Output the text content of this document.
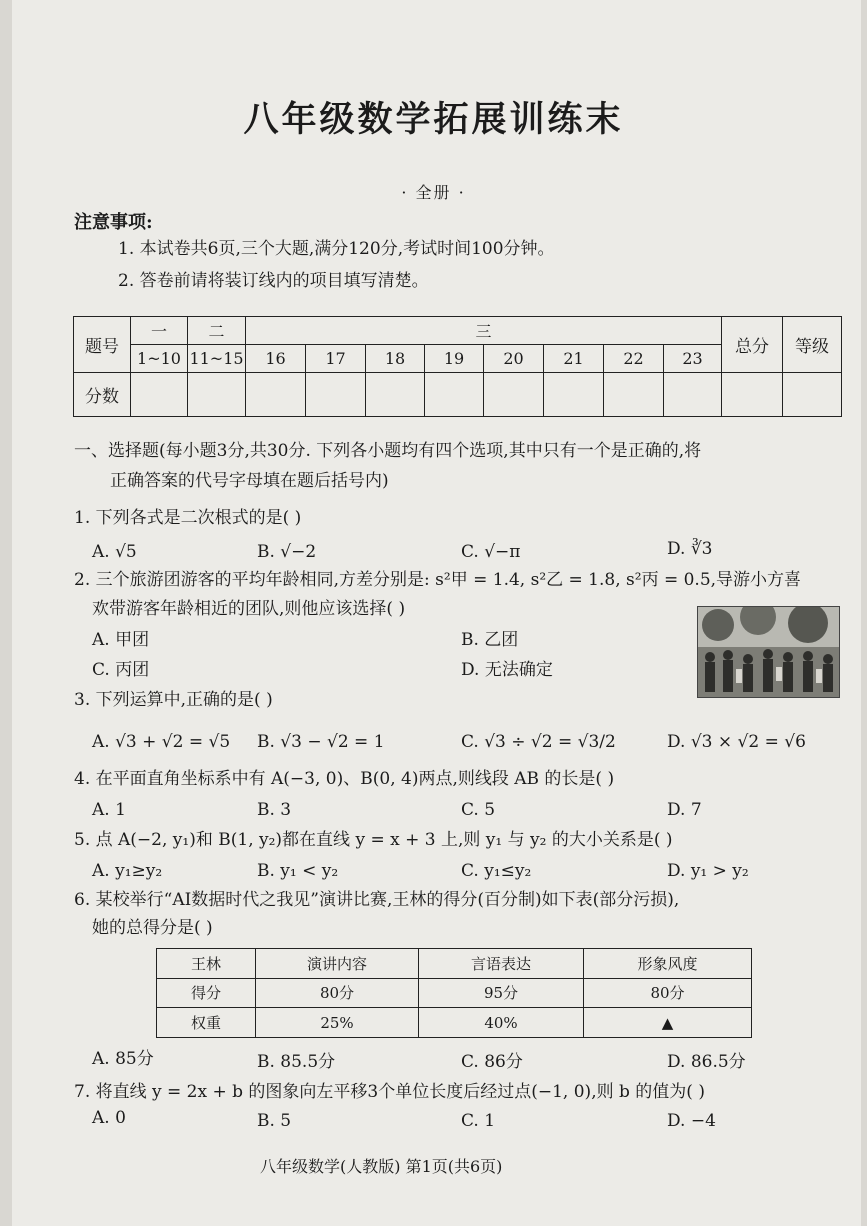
八年级数学拓展训练末
· 全册 ·
注意事项:
1. 本试卷共6页,三个大题,满分120分,考试时间100分钟。
2. 答卷前请将装订线内的项目填写清楚。
题号	一	二	三								总分	等级
	1~10	11~15	16	17	18	19	20	21	22	23		
分数												
一、选择题(每小题3分,共30分. 下列各小题均有四个选项,其中只有一个是正确的,将
正确答案的代号字母填在题后括号内)
1. 下列各式是二次根式的是( )
A. √5	B. √−2	C. √−π	D. ∛3
2. 三个旅游团游客的平均年龄相同,方差分别是: s²甲 = 1.4, s²乙 = 1.8, s²丙 = 0.5,导游小方喜
欢带游客年龄相近的团队,则他应该选择( )
A. 甲团	B. 乙团
C. 丙团	D. 无法确定
3. 下列运算中,正确的是( )
A. √3 + √2 = √5 B. √3 − √2 = 1	C. √3 ÷ √2 = √3/2	D. √3 × √2 = √6
4. 在平面直角坐标系中有 A(−3, 0)、B(0, 4)两点,则线段 AB 的长是( )
A. 1	B. 3	C. 5	D. 7
5. 点 A(−2, y₁)和 B(1, y₂)都在直线 y = x + 3 上,则 y₁ 与 y₂ 的大小关系是( )
A. y₁≥y₂	B. y₁ < y₂	C. y₁≤y₂	D. y₁ > y₂
6. 某校举行“AI数据时代之我见”演讲比赛,王林的得分(百分制)如下表(部分污损),
她的总得分是( )
王林	演讲内容	言语表达	形象风度
得分	80分	95分	80分
权重	25%	40%	▲
A. 85分	B. 85.5分	C. 86分	D. 86.5分
7. 将直线 y = 2x + b 的图象向左平移3个单位长度后经过点(−1, 0),则 b 的值为( )
A. 0	B. 5	C. 1	D. −4
八年级数学(人教版) 第1页(共6页)
